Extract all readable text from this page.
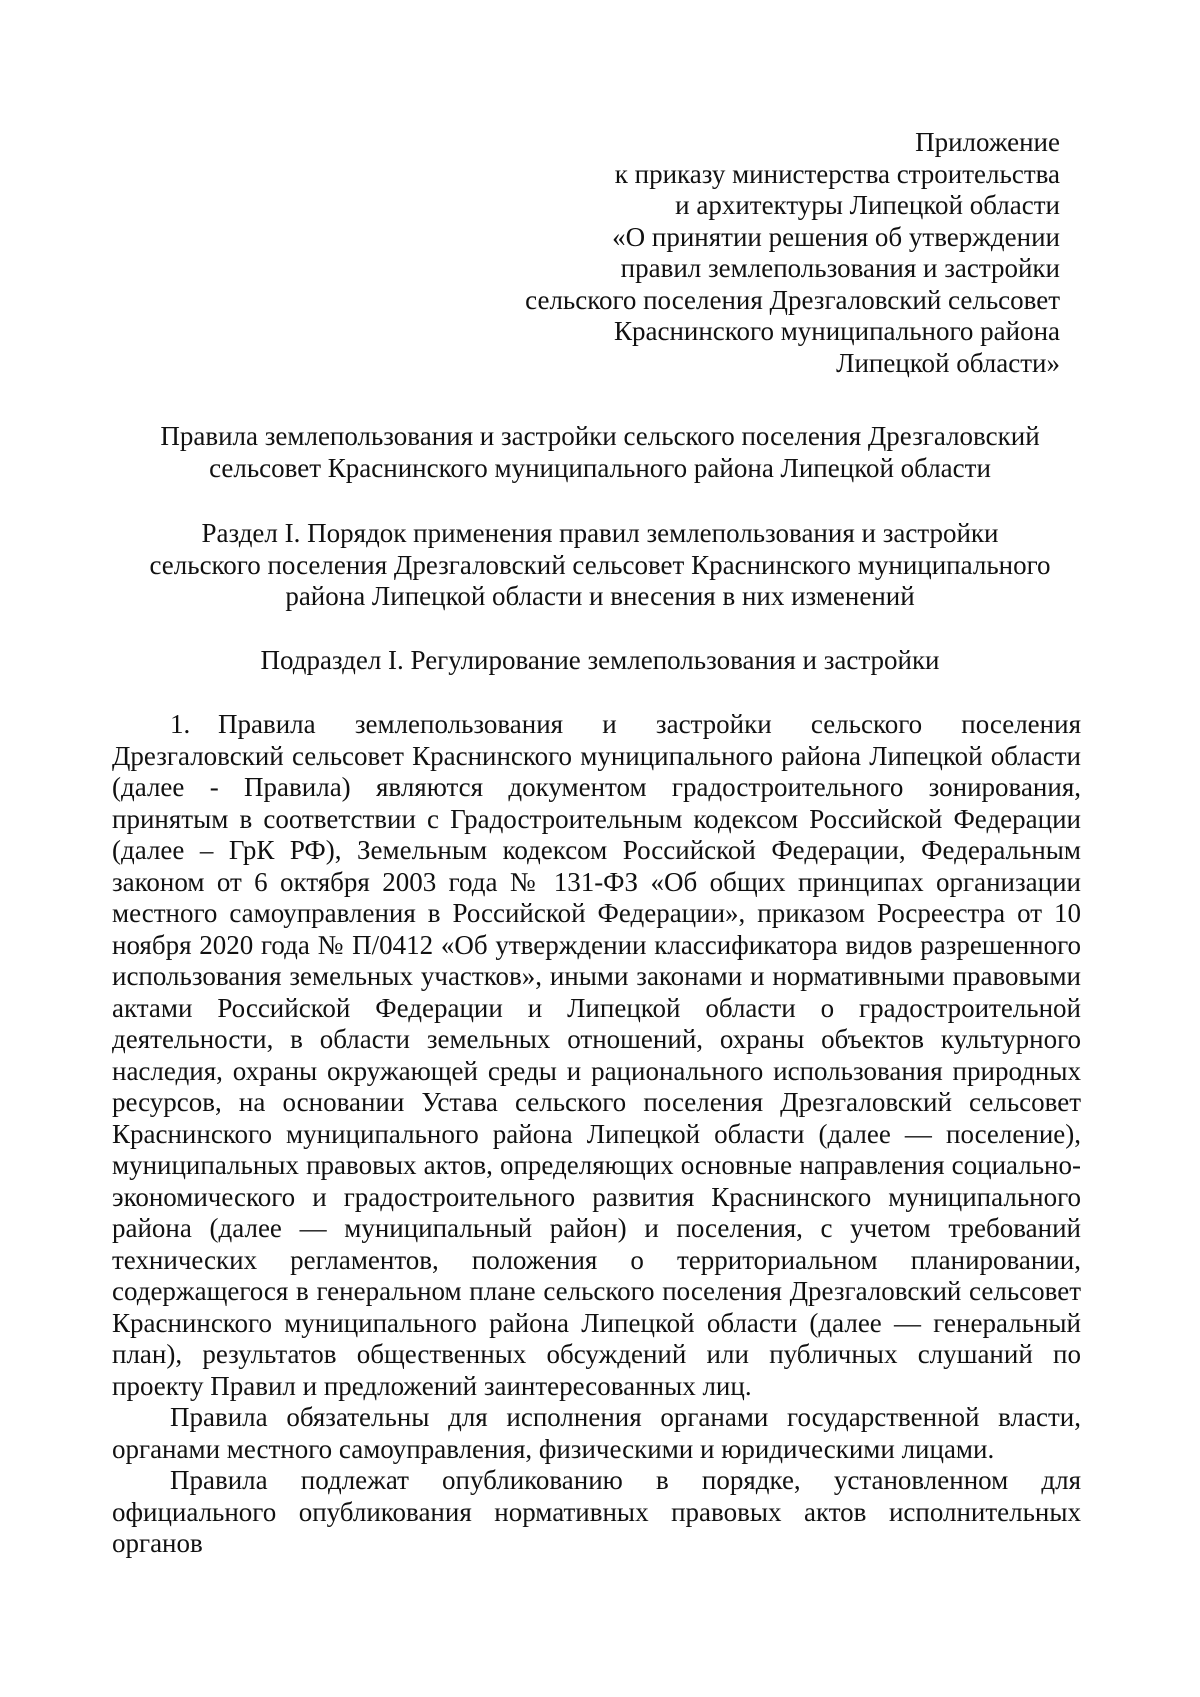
Приложение
к приказу министерства строительства
и архитектуры Липецкой области
«О принятии решения об утверждении
правил землепользования и застройки
сельского поселения Дрезгаловский сельсовет
Краснинского муниципального района
Липецкой области»
Правила землепользования и застройки сельского поселения Дрезгаловский
сельсовет Краснинского муниципального района Липецкой области
Раздел I. Порядок применения правил землепользования и застройки
сельского поселения Дрезгаловский сельсовет Краснинского муниципального
района Липецкой области и внесения в них изменений
Подраздел I. Регулирование землепользования и застройки

1. Правила землепользования и застройки сельского поселения Дрезгаловский сельсовет Краснинского муниципального района Липецкой области (далее - Правила) являются документом градостроительного зонирования, принятым в соответствии с Градостроительным кодексом Российской Федерации (далее – ГрК РФ), Земельным кодексом Российской Федерации, Федеральным законом от 6 октября 2003 года № 131-ФЗ «Об общих принципах организации местного самоуправления в Российской Федерации», приказом Росреестра от 10 ноября 2020 года № П/0412 «Об утверждении классификатора видов разрешенного использования земельных участков», иными законами и нормативными правовыми актами Российской Федерации и Липецкой области о градостроительной деятельности, в области земельных отношений, охраны объектов культурного наследия, охраны окружающей среды и рационального использования природных ресурсов, на основании Устава сельского поселения Дрезгаловский сельсовет Краснинского муниципального района Липецкой области (далее — поселение), муниципальных правовых актов, определяющих основные направления социально-экономического и градостроительного развития Краснинского муниципального района (далее — муниципальный район) и поселения, с учетом требований технических регламентов, положения о территориальном планировании, содержащегося в генеральном плане сельского поселения Дрезгаловский сельсовет Краснинского муниципального района Липецкой области (далее — генеральный план), результатов общественных обсуждений или публичных слушаний по проекту Правил и предложений заинтересованных лиц.

Правила обязательны для исполнения органами государственной власти, органами местного самоуправления, физическими и юридическими лицами.

Правила подлежат опубликованию в порядке, установленном для официального опубликования нормативных правовых актов исполнительных органов
